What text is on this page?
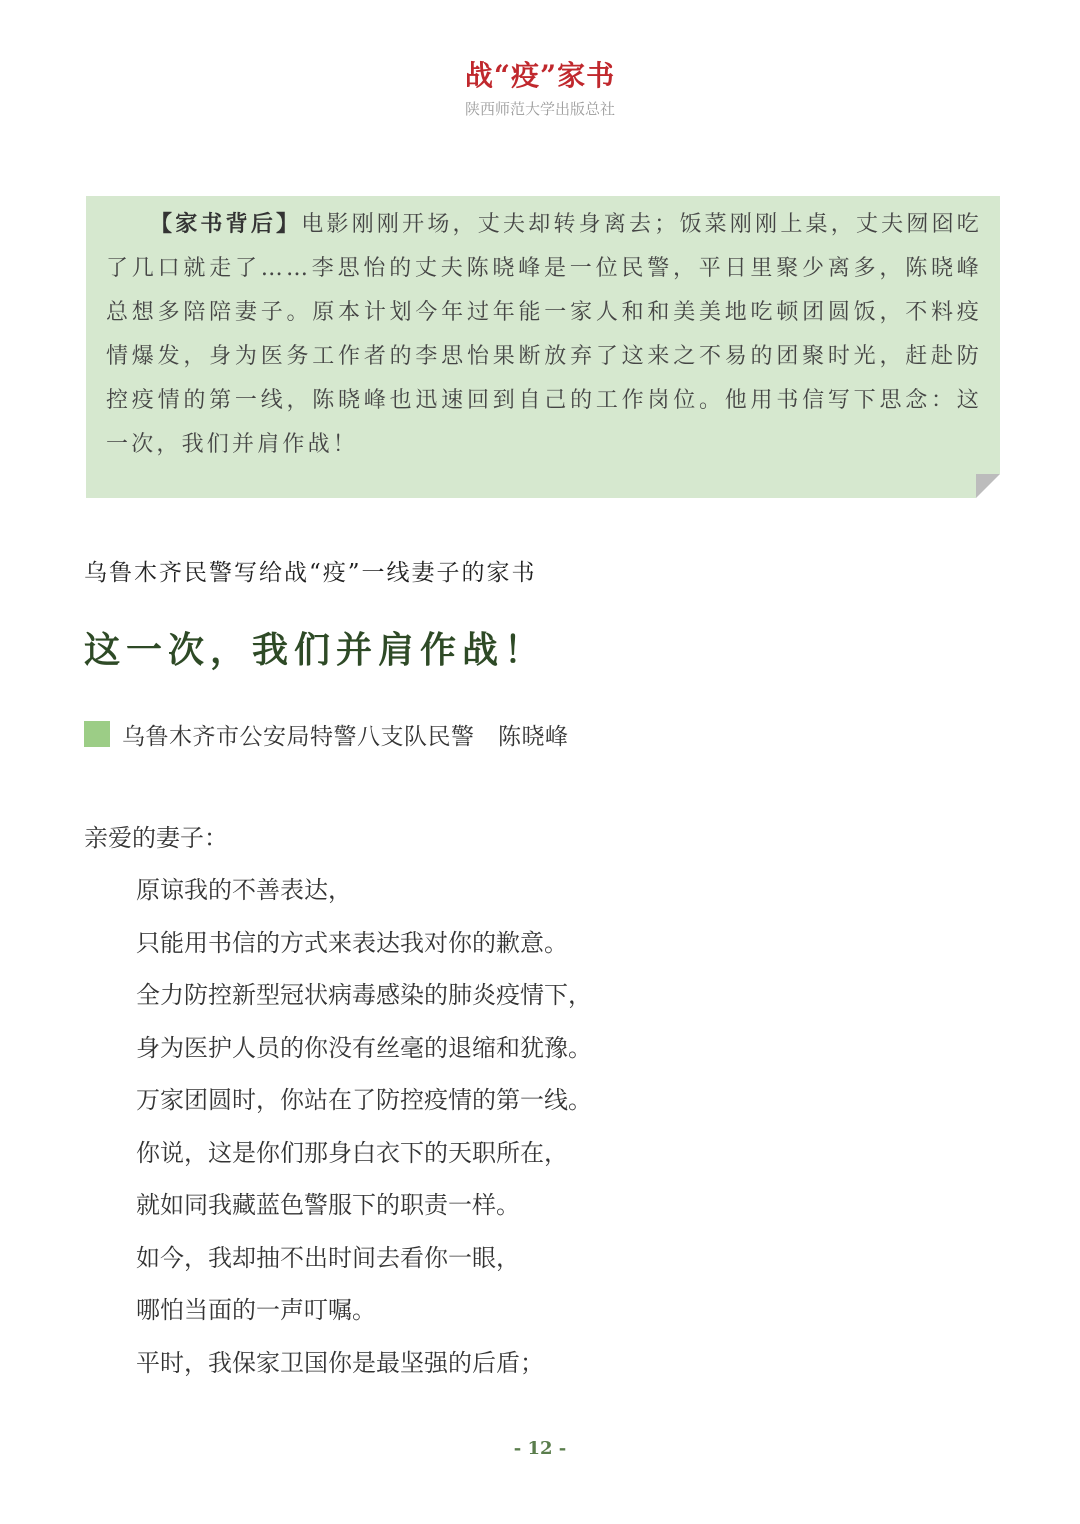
战“疫”家书
陕西师范大学出版总社

【家书背后】电影刚刚开场，丈夫却转身离去；饭菜刚刚上桌，丈夫囫囵吃了几口就走了……李思怡的丈夫陈晓峰是一位民警，平日里聚少离多，陈晓峰总想多陪陪妻子。原本计划今年过年能一家人和和美美地吃顿团圆饭，不料疫情爆发，身为医务工作者的李思怡果断放弃了这来之不易的团聚时光，赶赴防控疫情的第一线，陈晓峰也迅速回到自己的工作岗位。他用书信写下思念：这一次，我们并肩作战！

乌鲁木齐民警写给战“疫”一线妻子的家书
这一次，我们并肩作战！
乌鲁木齐市公安局特警八支队民警　陈晓峰

亲爱的妻子：

原谅我的不善表达，

只能用书信的方式来表达我对你的歉意。

全力防控新型冠状病毒感染的肺炎疫情下，

身为医护人员的你没有丝毫的退缩和犹豫。

万家团圆时，你站在了防控疫情的第一线。

你说，这是你们那身白衣下的天职所在，

就如同我藏蓝色警服下的职责一样。

如今，我却抽不出时间去看你一眼，

哪怕当面的一声叮嘱。

平时，我保家卫国你是最坚强的后盾；

- 12 -
